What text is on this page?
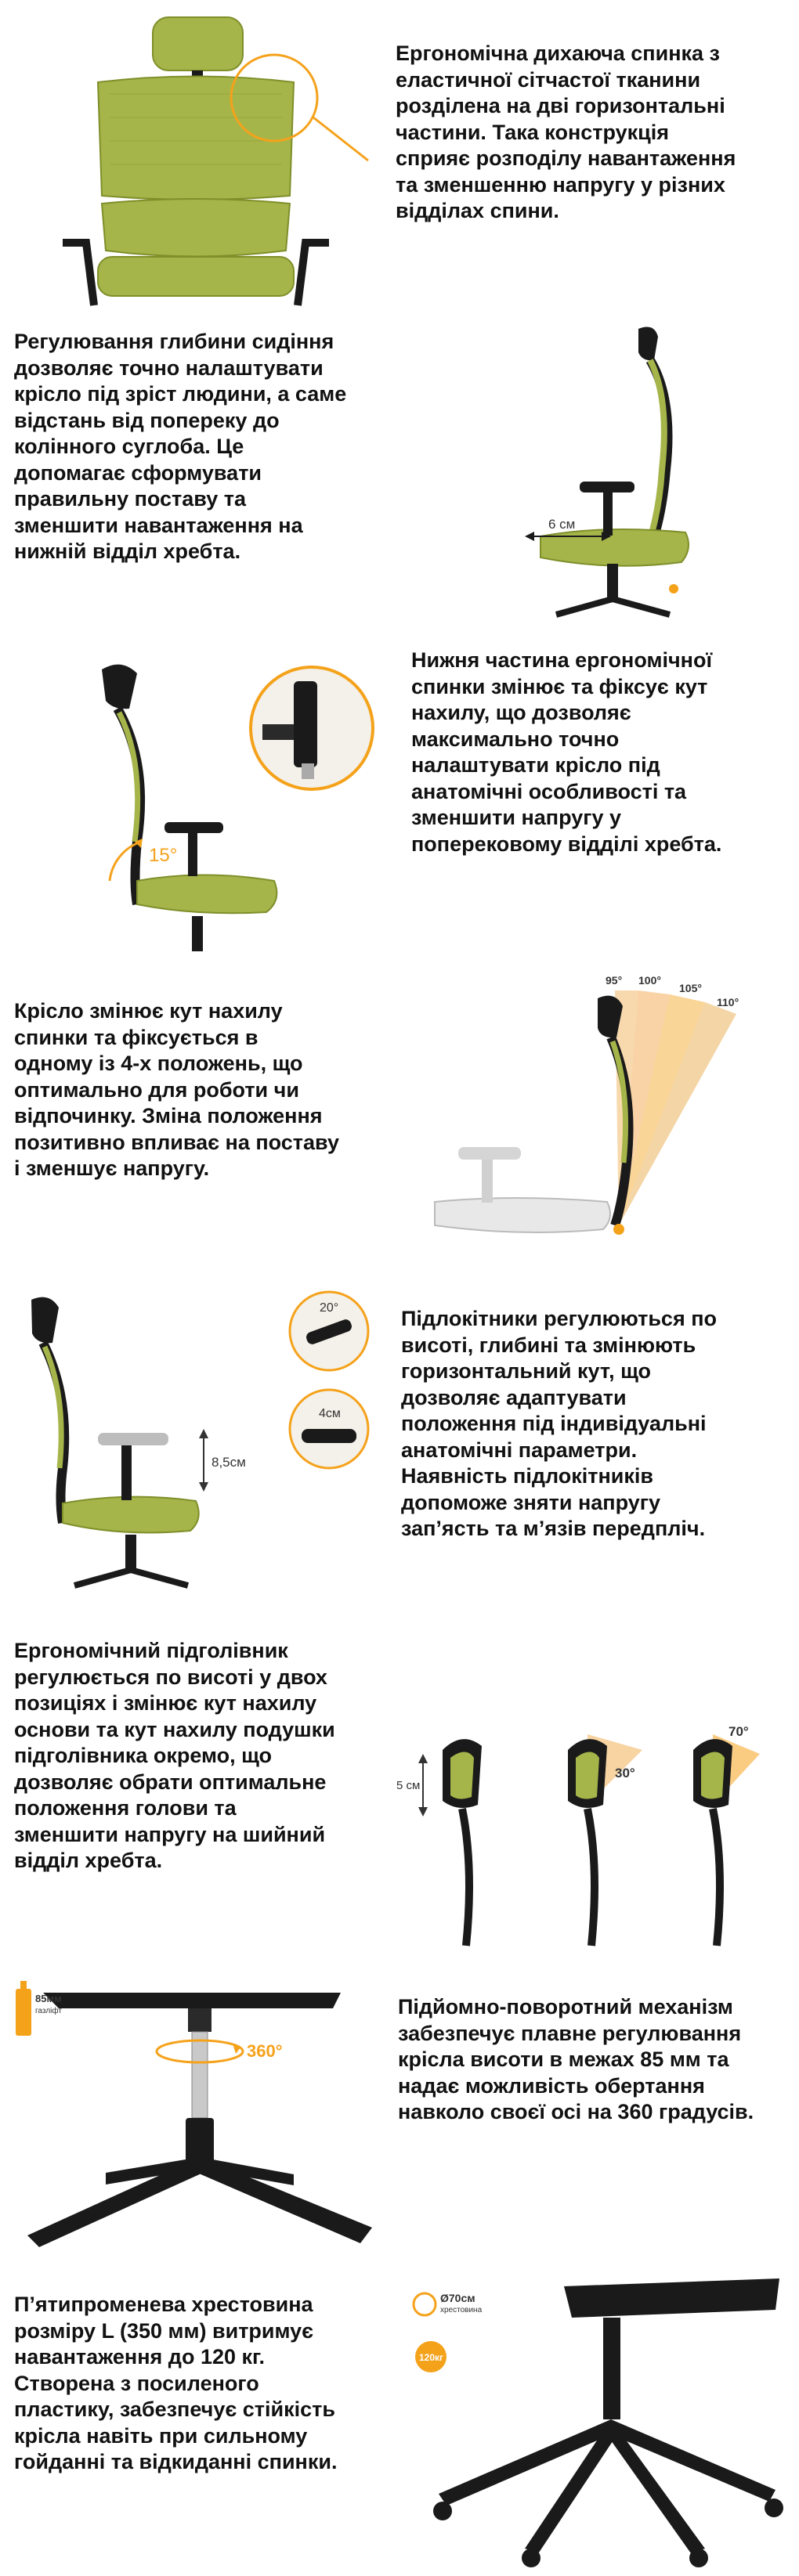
Ергономічна дихаюча спинка з
еластичної сітчастої тканини
розділена на дві горизонтальні
частини. Така конструкція
сприяє розподілу навантаження
та зменшенню напругу у різних
відділах спини.
Регулювання глибини сидіння
дозволяє точно налаштувати
крісло під зріст людини, а саме
відстань від попереку до
колінного суглоба. Це
допомагає сформувати
правильну поставу та
зменшити навантаження на
нижній відділ хребта.
6 см
15°
Нижня частина ергономічної
спинки змінює та фіксує кут
нахилу, що дозволяє
максимально точно
налаштувати крісло під
анатомічні особливості та
зменшити напругу у
поперековому відділі хребта.
Крісло змінює кут нахилу
спинки та фіксується в
одному із 4-х положень, що
оптимально для роботи чи
відпочинку. Зміна положення
позитивно впливає на поставу
і зменшує напругу.
95° 100°
105°
110°
8,5см
20°
4см
Підлокітники регулюються по
висоті, глибині та змінюють
горизонтальний кут, що
дозволяє адаптувати
положення під індивідуальні
анатомічні параметри.
Наявність підлокітників
допоможе зняти напругу
зап’ясть та м’язів передпліч.
Ергономічний підголівник
регулюється по висоті у двох
позиціях і змінює кут нахилу
основи та кут нахилу подушки
підголівника окремо, що
дозволяє обрати оптимальне
положення голови та
зменшити напругу на шийний
відділ хребта.
5 см
30°
70°
360°
85мм
газліфт	Підйомно-поворотний механізм
забезпечує плавне регулювання
крісла висоти в межах 85 мм та
надає можливість обертання
навколо своєї осі на 360 градусів.
П’ятипроменева хрестовина
розміру L (350 мм) витримує
навантаження до 120 кг.
Створена з посиленого
пластику, забезпечує стійкість
крісла навіть при сильному
гойданні та відкиданні спинки.
Ø70см
хрестовина
120кг
